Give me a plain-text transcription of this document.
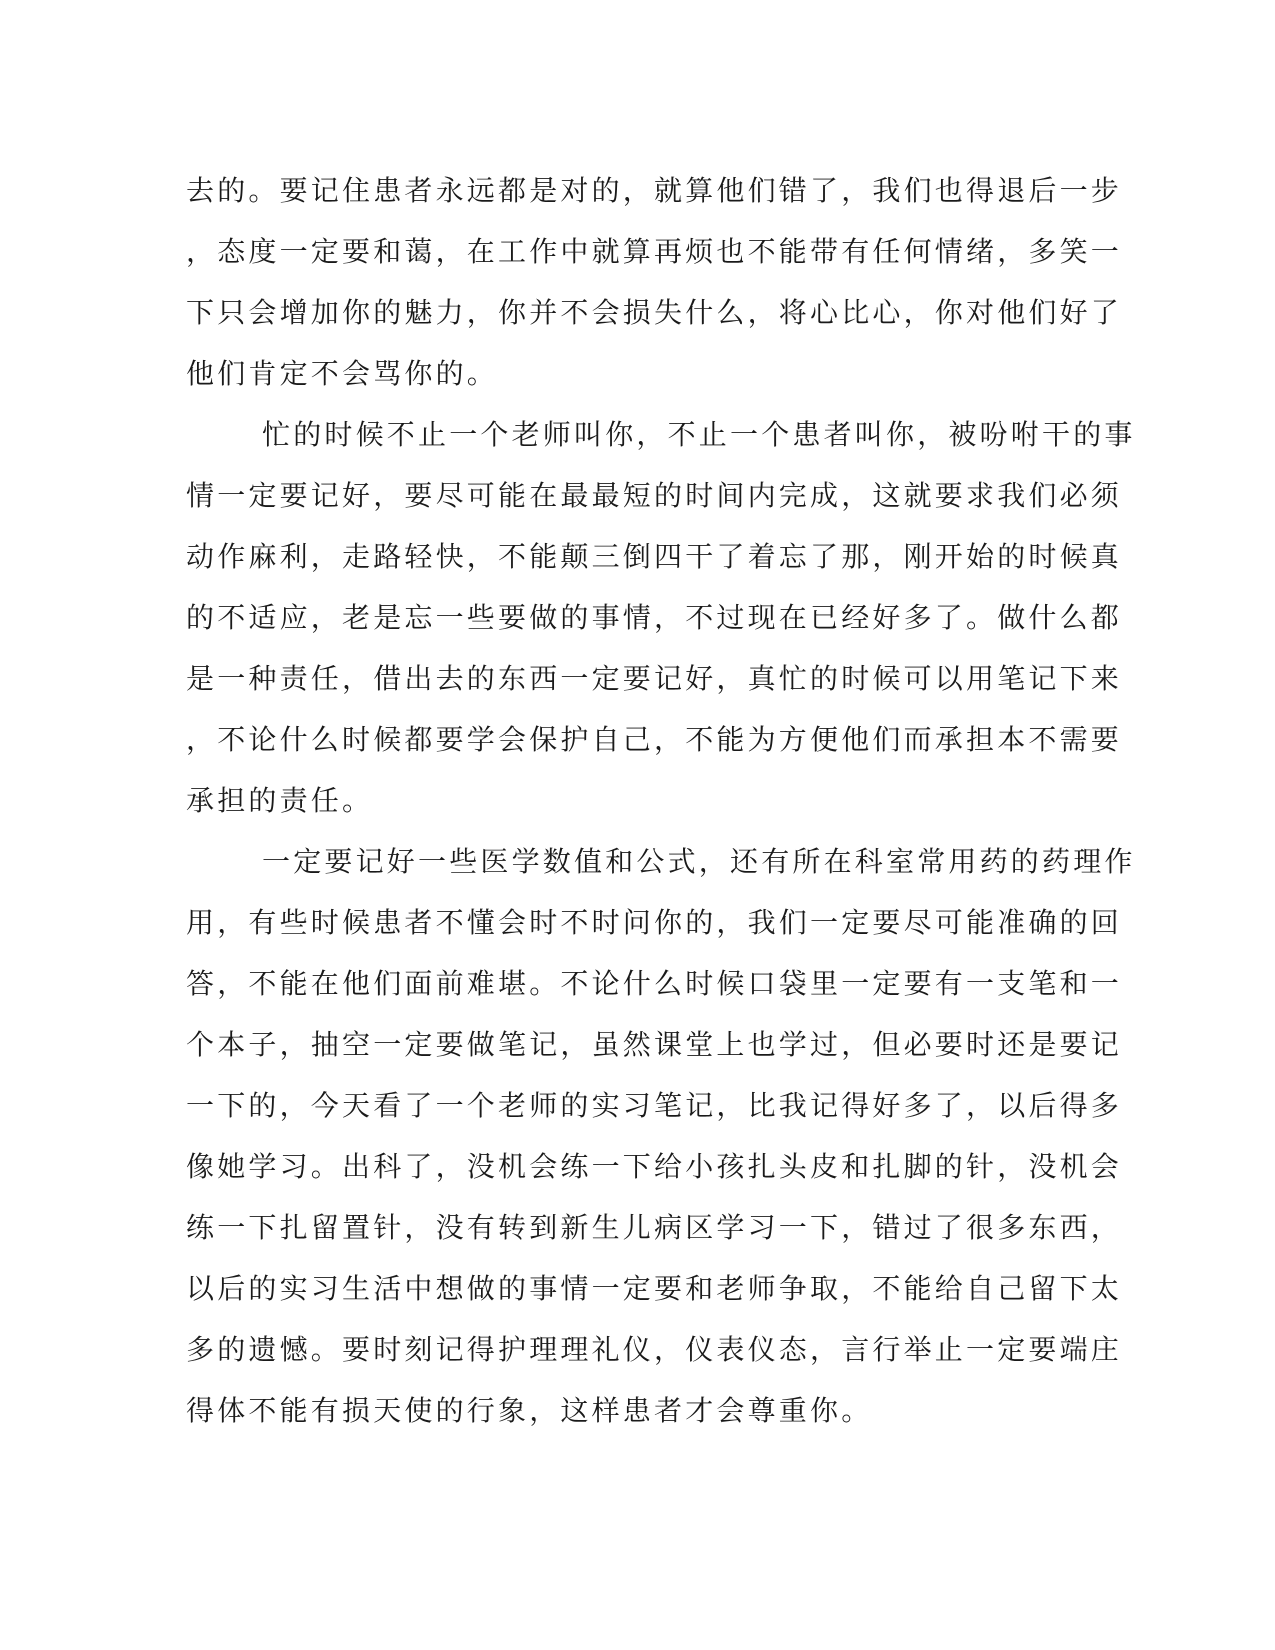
去的。要记住患者永远都是对的，就算他们错了，我们也得退后一步
，态度一定要和蔼，在工作中就算再烦也不能带有任何情绪，多笑一
下只会增加你的魅力，你并不会损失什么，将心比心，你对他们好了
他们肯定不会骂你的。
忙的时候不止一个老师叫你，不止一个患者叫你，被吩咐干的事
情一定要记好，要尽可能在最最短的时间内完成，这就要求我们必须
动作麻利，走路轻快，不能颠三倒四干了着忘了那，刚开始的时候真
的不适应，老是忘一些要做的事情，不过现在已经好多了。做什么都
是一种责任，借出去的东西一定要记好，真忙的时候可以用笔记下来
，不论什么时候都要学会保护自己，不能为方便他们而承担本不需要
承担的责任。
一定要记好一些医学数值和公式，还有所在科室常用药的药理作
用，有些时候患者不懂会时不时问你的，我们一定要尽可能准确的回
答，不能在他们面前难堪。不论什么时候口袋里一定要有一支笔和一
个本子，抽空一定要做笔记，虽然课堂上也学过，但必要时还是要记
一下的，今天看了一个老师的实习笔记，比我记得好多了，以后得多
像她学习。出科了，没机会练一下给小孩扎头皮和扎脚的针，没机会
练一下扎留置针，没有转到新生儿病区学习一下，错过了很多东西，
以后的实习生活中想做的事情一定要和老师争取，不能给自己留下太
多的遗憾。要时刻记得护理理礼仪，仪表仪态，言行举止一定要端庄
得体不能有损天使的行象，这样患者才会尊重你。
